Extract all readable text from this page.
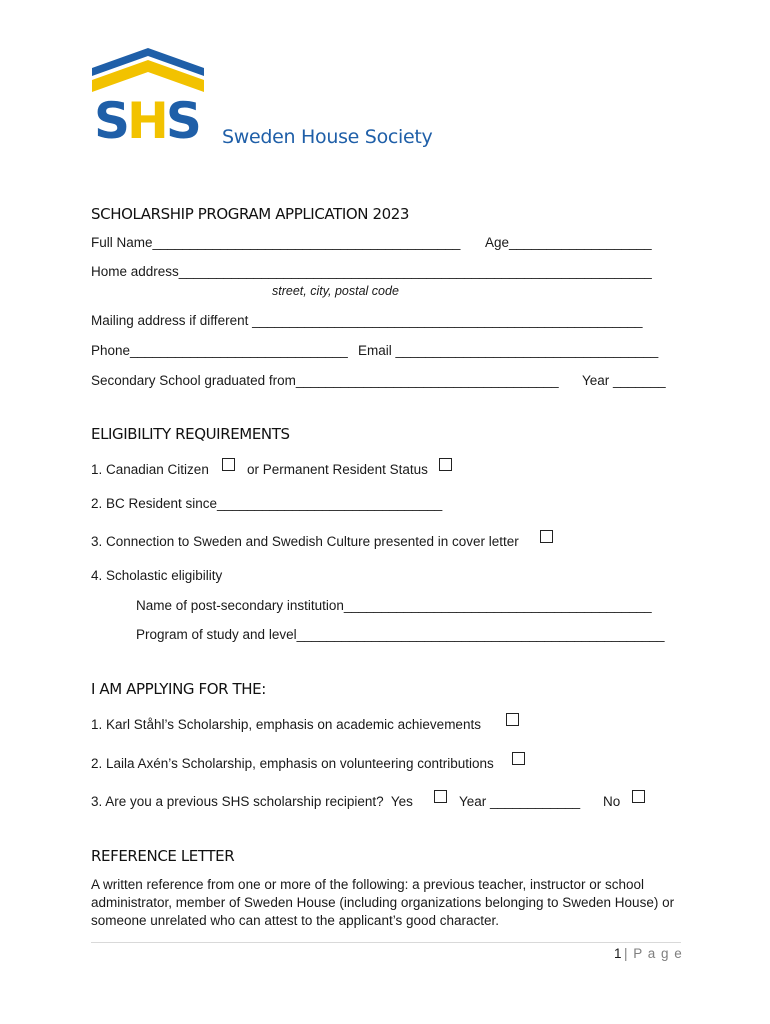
SHS Sweden House Society
SCHOLARSHIP PROGRAM APPLICATION 2023
Full Name_________________________________________ Age___________________
Home address_______________________________________________________________
street, city, postal code
Mailing address if different ____________________________________________________
Phone_____________________________ Email ___________________________________
Secondary School graduated from___________________________________ Year _______
ELIGIBILITY REQUIREMENTS
1. Canadian Citizen	or Permanent Resident Status
2. BC Resident since______________________________
3. Connection to Sweden and Swedish Culture presented in cover letter
4. Scholastic eligibility
Name of post-secondary institution_________________________________________
Program of study and level_________________________________________________
I AM APPLYING FOR THE:
1. Karl Ståhl’s Scholarship, emphasis on academic achievements
2. Laila Axén’s Scholarship, emphasis on volunteering contributions
3. Are you a previous SHS scholarship recipient?  Yes	Year ____________ No
REFERENCE LETTER
A written reference from one or more of the following: a previous teacher, instructor or school administrator, member of Sweden House (including organizations belonging to Sweden House) or someone unrelated who can attest to the applicant’s good character.
1 | P a g e
